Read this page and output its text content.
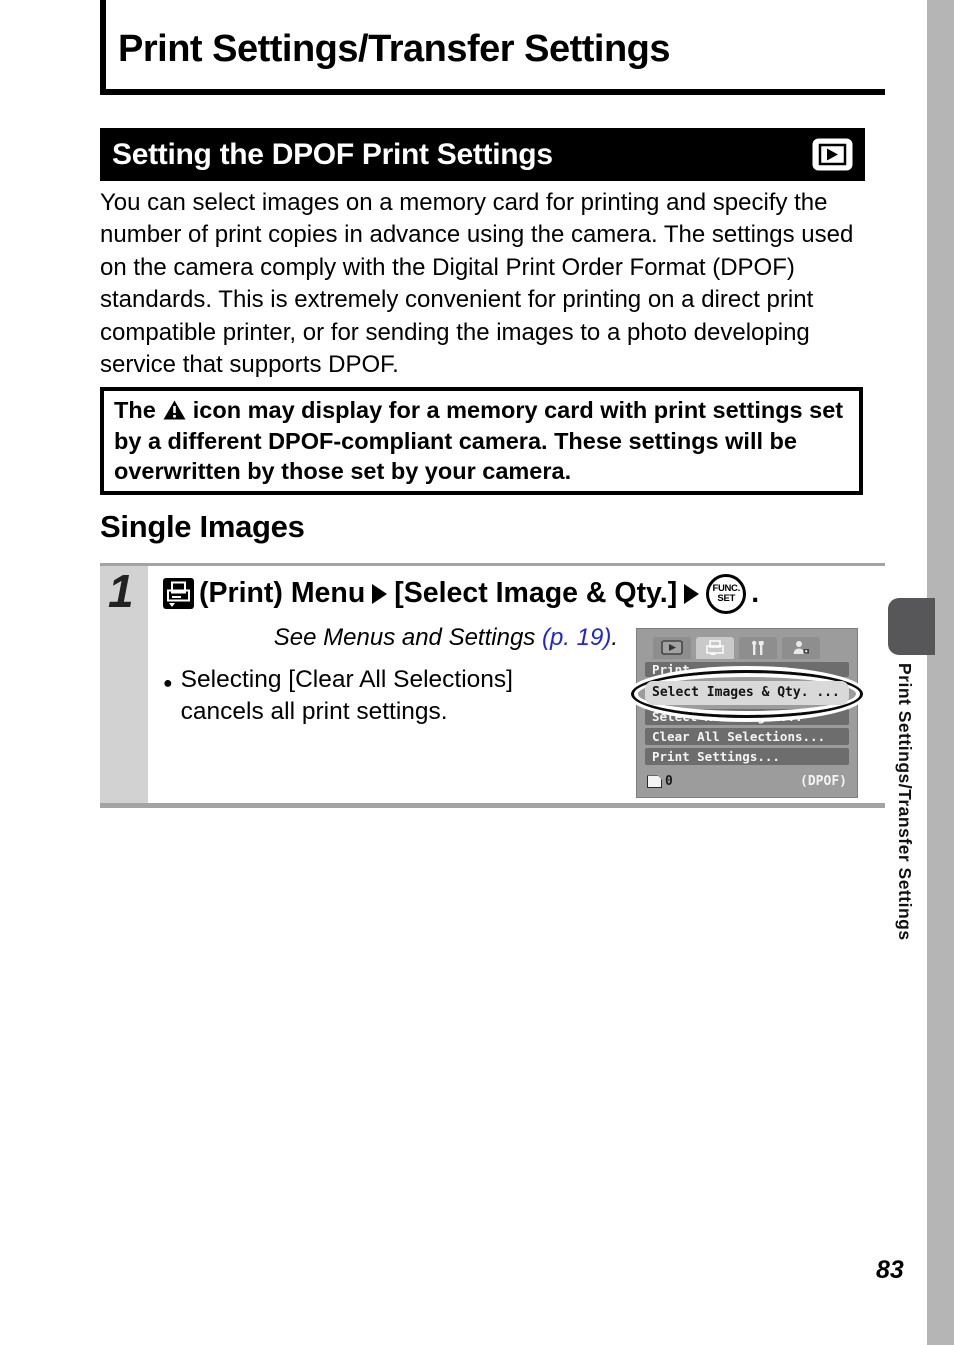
Print Settings/Transfer Settings
83
Print Settings/Transfer Settings
Setting the DPOF Print Settings

You can select images on a memory card for printing and specify the number of print copies in advance using the camera. The settings used on the camera comply with the Digital Print Order Format (DPOF) standards. This is extremely convenient for printing on a direct print compatible printer, or for sending the images to a photo developing service that supports DPOF.

The icon may display for a memory card with print settings set by a different DPOF-compliant camera. These settings will be overwritten by those set by your camera.
Single Images
1	(Print) Menu [Select Image & Qty.]	FUNC.
SET .
See Menus and Settings (p. 19).
● Selecting [Clear All Selections]
cancels all print settings.
Print
Select Images & Qty. ...
Select All Images...
Clear All Selections...
Print Settings...
0	(DPOF)
